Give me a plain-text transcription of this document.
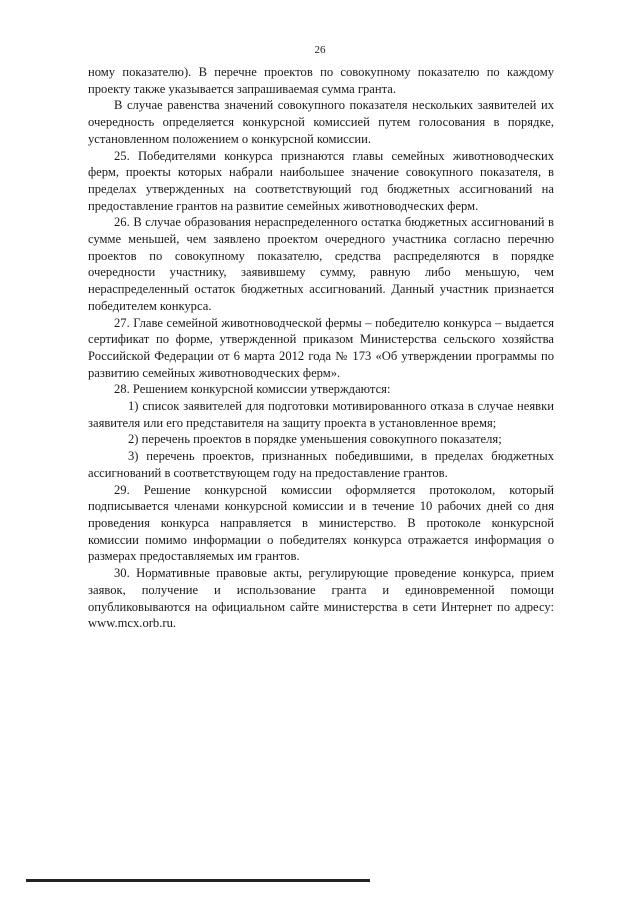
26

ному показателю). В перечне проектов по совокупному показателю по каждому проекту также указывается запрашиваемая сумма гранта.

В случае равенства значений совокупного показателя нескольких заявителей их очередность определяется конкурсной комиссией путем голосования в порядке, установленном положением о конкурсной комиссии.

25. Победителями конкурса признаются главы семейных животноводческих ферм, проекты которых набрали наибольшее значение совокупного показателя, в пределах утвержденных на соответствующий год бюджетных ассигнований на предоставление грантов на развитие семейных животноводческих ферм.

26. В случае образования нераспределенного остатка бюджетных ассигнований в сумме меньшей, чем заявлено проектом очередного участника согласно перечню проектов по совокупному показателю, средства распределяются в порядке очередности участнику, заявившему сумму, равную либо меньшую, чем нераспределенный остаток бюджетных ассигнований. Данный участник признается победителем конкурса.

27. Главе семейной животноводческой фермы – победителю конкурса – выдается сертификат по форме, утвержденной приказом Министерства сельского хозяйства Российской Федерации от 6 марта 2012 года № 173 «Об утверждении программы по развитию семейных животноводческих ферм».

28. Решением конкурсной комиссии утверждаются:

1) список заявителей для подготовки мотивированного отказа в случае неявки заявителя или его представителя на защиту проекта в установленное время;

2) перечень проектов в порядке уменьшения совокупного показателя;

3) перечень проектов, признанных победившими, в пределах бюджетных ассигнований в соответствующем году на предоставление грантов.

29. Решение конкурсной комиссии оформляется протоколом, который подписывается членами конкурсной комиссии и в течение 10 рабочих дней со дня проведения конкурса направляется в министерство. В протоколе конкурсной комиссии помимо информации о победителях конкурса отражается информация о размерах предоставляемых им грантов.

30. Нормативные правовые акты, регулирующие проведение конкурса, прием заявок, получение и использование гранта и единовременной помощи опубликовываются на официальном сайте министерства в сети Интернет по адресу: www.mcx.orb.ru.
